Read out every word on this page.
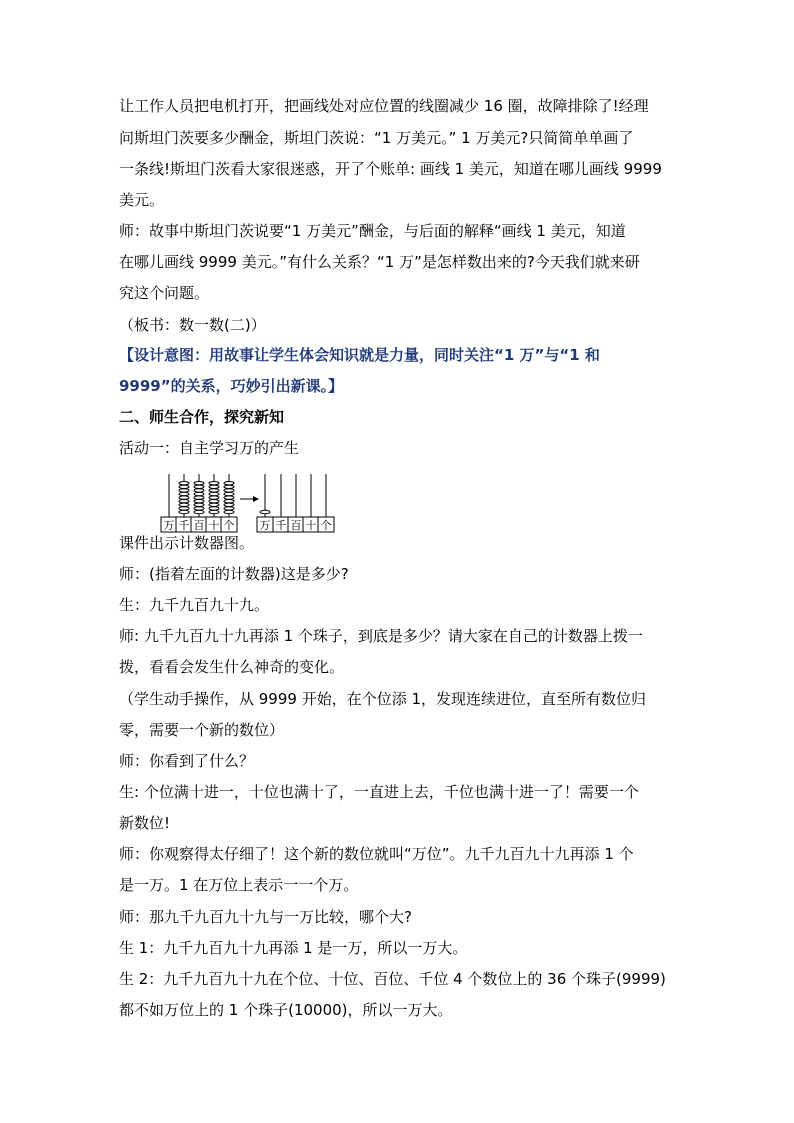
让工作人员把电机打开，把画线处对应位置的线圈减少 16 圈，故障排除了!经理
问斯坦门茨要多少酬金，斯坦门茨说：“1 万美元。” 1 万美元?只简简单单画了
一条线!斯坦门茨看大家很迷惑，开了个账单: 画线 1 美元，知道在哪儿画线 9999
美元。
师：故事中斯坦门茨说要“1 万美元”酬金，与后面的解释“画线 1 美元，知道
在哪儿画线 9999 美元。”有什么关系？“1 万”是怎样数出来的?今天我们就来研
究这个问题。
（板书：数一数(二)）
【设计意图：用故事让学生体会知识就是力量，同时关注“1 万”与“1 和
9999”的关系，巧妙引出新课。】
二、师生合作，探究新知
活动一：自主学习万的产生
万 千 百 十 个 万 千 百 十 个
课件出示计数器图。
师：(指着左面的计数器)这是多少?
生：九千九百九十九。
师: 九千九百九十九再添 1 个珠子，到底是多少？请大家在自己的计数器上拨一
拨，看看会发生什么神奇的变化。
（学生动手操作，从 9999 开始，在个位添 1，发现连续进位，直至所有数位归
零，需要一个新的数位）
师：你看到了什么？
生: 个位满十进一，十位也满十了，一直进上去，千位也满十进一了！需要一个
新数位!
师：你观察得太仔细了！这个新的数位就叫“万位”。九千九百九十九再添 1 个
是一万。1 在万位上表示一一个万。
师：那九千九百九十九与一万比较，哪个大?
生 1：九千九百九十九再添 1 是一万，所以一万大。
生 2：九千九百九十九在个位、十位、百位、千位 4 个数位上的 36 个珠子(9999)
都不如万位上的 1 个珠子(10000)，所以一万大。
